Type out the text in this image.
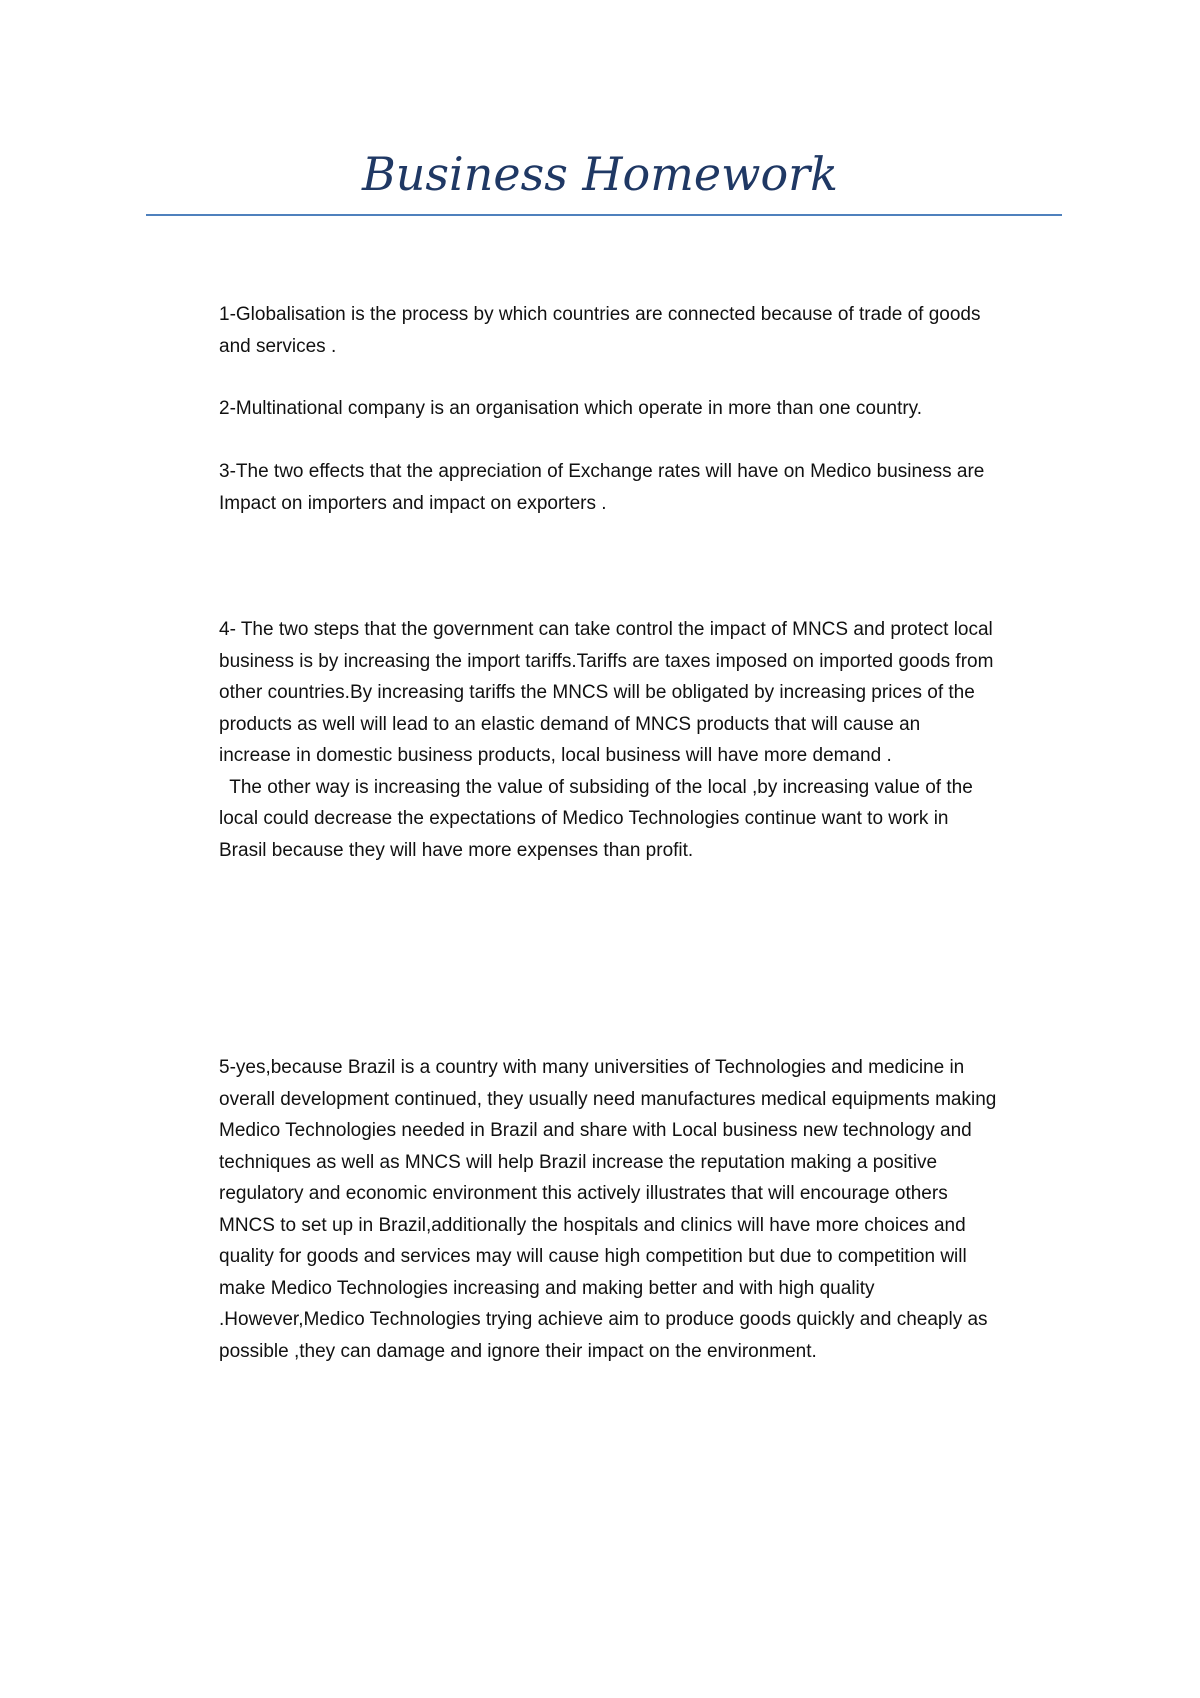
Business Homework

1-Globalisation is the process by which countries are connected because of trade of goods
and services .

2-Multinational company is an organisation which operate in more than one country.

3-The two effects that the appreciation of Exchange rates will have on Medico business are
Impact on importers and impact on exporters .

4- The two steps that the government can take control the impact of MNCS and protect local
business is by increasing the import tariffs.Tariffs are taxes imposed on imported goods from
other countries.By increasing tariffs the MNCS will be obligated by increasing prices of the
products as well will lead to an elastic demand of MNCS products that will cause an
increase in domestic business products, local business will have more demand .
The other way is increasing the value of subsiding of the local ,by increasing value of the
local could decrease the expectations of Medico Technologies continue want to work in
Brasil because they will have more expenses than profit.

5-yes,because Brazil is a country with many universities of Technologies and medicine in
overall development continued, they usually need manufactures medical equipments making
Medico Technologies needed in Brazil and share with Local business new technology and
techniques as well as MNCS will help Brazil increase the reputation making a positive
regulatory and economic environment this actively illustrates that will encourage others
MNCS to set up in Brazil,additionally the hospitals and clinics will have more choices and
quality for goods and services may will cause high competition but due to competition will
make Medico Technologies increasing and making better and with high quality
.However,Medico Technologies trying achieve aim to produce goods quickly and cheaply as
possible ,they can damage and ignore their impact on the environment.
